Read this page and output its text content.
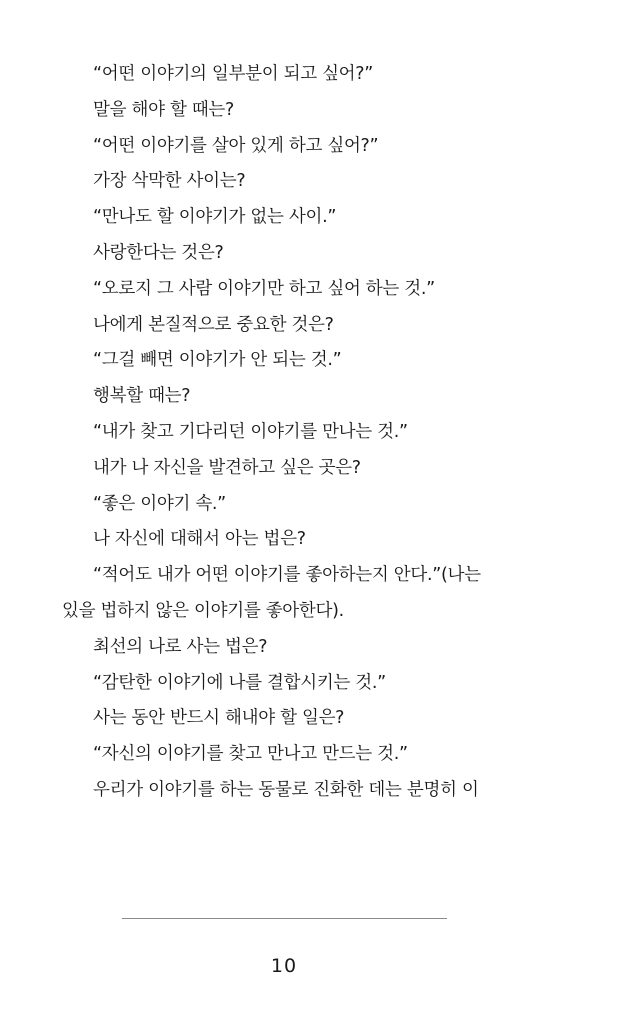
“어떤 이야기의 일부분이 되고 싶어?”
말을 해야 할 때는?
“어떤 이야기를 살아 있게 하고 싶어?”
가장 삭막한 사이는?
“만나도 할 이야기가 없는 사이.”
사랑한다는 것은?
“오로지 그 사람 이야기만 하고 싶어 하는 것.”
나에게 본질적으로 중요한 것은?
“그걸 빼면 이야기가 안 되는 것.”
행복할 때는?
“내가 찾고 기다리던 이야기를 만나는 것.”
내가 나 자신을 발견하고 싶은 곳은?
“좋은 이야기 속.”
나 자신에 대해서 아는 법은?
“적어도 내가 어떤 이야기를 좋아하는지 안다.”(나는
있을 법하지 않은 이야기를 좋아한다).
최선의 나로 사는 법은?
“감탄한 이야기에 나를 결합시키는 것.”
사는 동안 반드시 해내야 할 일은?
“자신의 이야기를 찾고 만나고 만드는 것.”
우리가 이야기를 하는 동물로 진화한 데는 분명히 이
10
